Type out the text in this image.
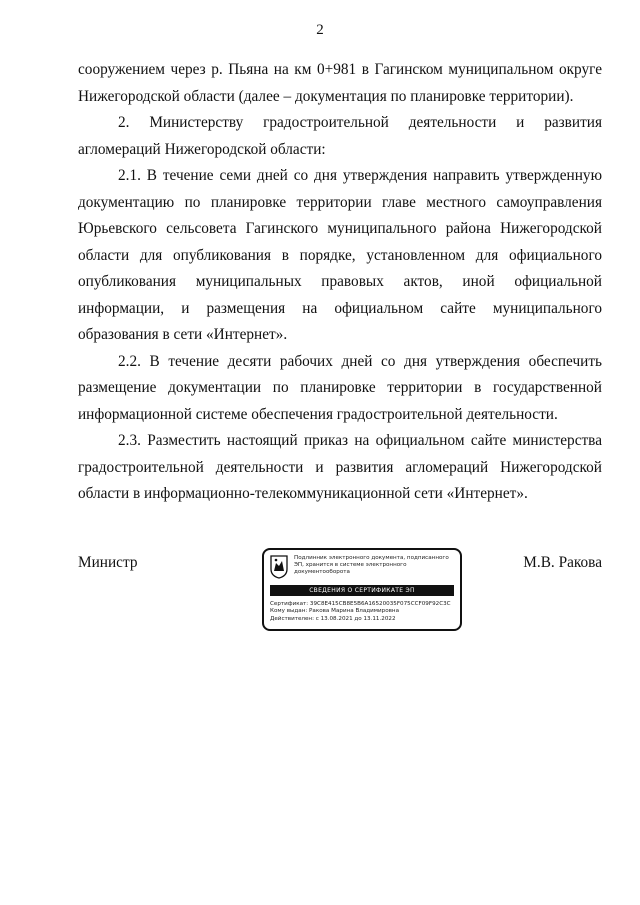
2

сооружением через р. Пьяна на км 0+981 в Гагинском муниципальном округе Нижегородской области (далее – документация по планировке территории).

2. Министерству градостроительной деятельности и развития агломераций Нижегородской области:

2.1. В течение семи дней со дня утверждения направить утвержденную документацию по планировке территории главе местного самоуправления Юрьевского сельсовета Гагинского муниципального района Нижегородской области для опубликования в порядке, установленном для официального опубликования муниципальных правовых актов, иной официальной информации, и размещения на официальном сайте муниципального образования в сети «Интернет».

2.2. В течение десяти рабочих дней со дня утверждения обеспечить размещение документации по планировке территории в государственной информационной системе обеспечения градостроительной деятельности.

2.3. Разместить настоящий приказ на официальном сайте министерства градостроительной деятельности и развития агломераций Нижегородской области в информационно-телекоммуникационной сети «Интернет».

Министр	Подлинник электронного документа, подписанного ЭП, хранится в системе электронного документооборота
СВЕДЕНИЯ О СЕРТИФИКАТЕ ЭП
Сертификат: 39C8E415CB8E5B6A16520035F075CCF09F92C3C
Кому выдан: Ракова Марина Владимировна
Действителен: с 13.08.2021 до 13.11.2022
М.В. Ракова
